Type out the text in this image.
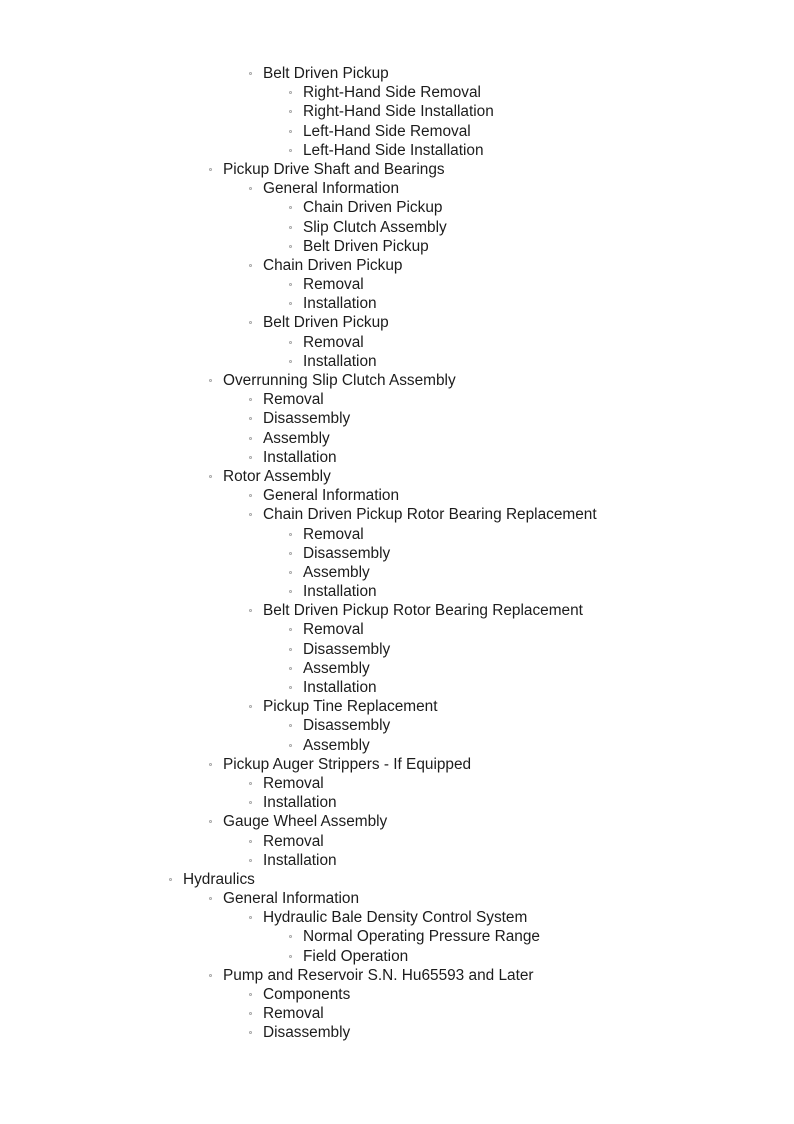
Belt Driven Pickup
Right-Hand Side Removal
Right-Hand Side Installation
Left-Hand Side Removal
Left-Hand Side Installation
Pickup Drive Shaft and Bearings
General Information
Chain Driven Pickup
Slip Clutch Assembly
Belt Driven Pickup
Chain Driven Pickup
Removal
Installation
Belt Driven Pickup
Removal
Installation
Overrunning Slip Clutch Assembly
Removal
Disassembly
Assembly
Installation
Rotor Assembly
General Information
Chain Driven Pickup Rotor Bearing Replacement
Removal
Disassembly
Assembly
Installation
Belt Driven Pickup Rotor Bearing Replacement
Removal
Disassembly
Assembly
Installation
Pickup Tine Replacement
Disassembly
Assembly
Pickup Auger Strippers - If Equipped
Removal
Installation
Gauge Wheel Assembly
Removal
Installation
Hydraulics
General Information
Hydraulic Bale Density Control System
Normal Operating Pressure Range
Field Operation
Pump and Reservoir S.N. Hu65593 and Later
Components
Removal
Disassembly
